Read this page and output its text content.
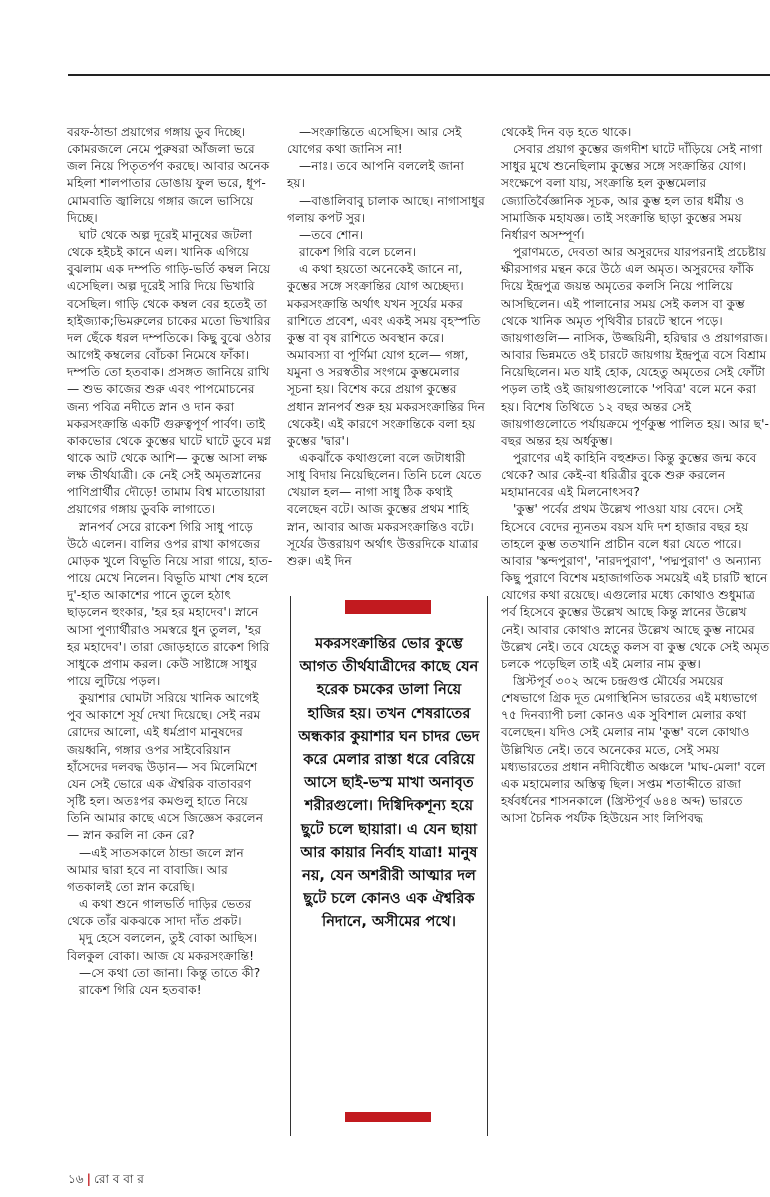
বরফ-ঠান্ডা প্রয়াগের গঙ্গায় ডুব দিচ্ছে। কোমরজলে নেমে পুরুষরা আঁজলা ভরে জল নিয়ে পিতৃতর্পণ করছে। আবার অনেক মহিলা শালপাতার ডোঙায় ফুল ভরে, ধূপ-মোমবাতি জ্বালিয়ে গঙ্গার জলে ভাসিয়ে দিচ্ছে।

ঘাট থেকে অল্প দূরেই মানুষের জটলা থেকে হইচই কানে এল। খানিক এগিয়ে বুঝলাম এক দম্পতি গাড়ি-ভর্তি কম্বল নিয়ে এসেছিল। অল্প দূরেই সারি দিয়ে ভিখারি বসেছিল। গাড়ি থেকে কম্বল বের হতেই তা হাইজ্যাক;ভিমরুলের চাকের মতো ভিখারির দল ছেঁকে ধরল দম্পতিকে। কিছু বুঝে ওঠার আগেই কম্বলের বোঁচকা নিমেষে ফাঁকা। দম্পতি তো হতবাক। প্রসঙ্গত জানিয়ে রাখি— শুভ কাজের শুরু এবং পাপমোচনের জন্য পবিত্র নদীতে স্নান ও দান করা মকরসংক্রান্তি একটি গুরুত্বপূর্ণ পার্বণ। তাই কাকভোর থেকে কুম্ভের ঘাটে ঘাটে ডুবে মগ্ন থাকে আট থেকে আশি— কুম্ভে আসা লক্ষ লক্ষ তীর্থযাত্রী। কে নেই সেই অমৃতস্নানের পাণিপ্রার্থীর দৌড়ে! তামাম বিশ্ব মাতোয়ারা প্রয়াগের গঙ্গায় ডুবকি লাগাতে।

স্নানপর্ব সেরে রাকেশ গিরি সাধু পাড়ে উঠে এলেন। বালির ওপর রাখা কাগজের মোড়ক খুলে বিভূতি নিয়ে সারা গায়ে, হাত-পায়ে মেখে নিলেন। বিভূতি মাখা শেষ হলে দু'-হাত আকাশের পানে তুলে হঠাৎ ছাড়লেন হুংকার, 'হর হর মহাদেব'। স্নানে আসা পুণ্যার্থীরাও সমস্বরে ধুন তুলল, 'হর হর মহাদেব'। তারা জোড়হাতে রাকেশ গিরি সাধুকে প্রণাম করল। কেউ সাষ্টাঙ্গে সাধুর পায়ে লুটিয়ে পড়ল।

কুয়াশার ঘোমটা সরিয়ে খানিক আগেই পুব আকাশে সূর্য দেখা দিয়েছে। সেই নরম রোদের আলো, এই ধর্মপ্রাণ মানুষদের জয়ধ্বনি, গঙ্গার ওপর সাইবেরিয়ান হাঁসেদের দলবদ্ধ উড়ান— সব মিলেমিশে যেন সেই ভোরে এক ঐশ্বরিক বাতাবরণ সৃষ্টি হল। অতঃপর কমণ্ডলু হাতে নিয়ে তিনি আমার কাছে এসে জিজ্ঞেস করলেন— স্নান করলি না কেন রে?

—এই সাতসকালে ঠান্ডা জলে স্নান আমার দ্বারা হবে না বাবাজি। আর গতকালই তো স্নান করেছি।

এ কথা শুনে গালভর্তি দাড়ির ভেতর থেকে তাঁর ঝকঝকে সাদা দাঁত প্রকট।

মৃদু হেসে বললেন, তুই বোকা আছিস। বিলকুল বোকা। আজ যে মকরসংক্রান্তি!

—সে কথা তো জানা। কিন্তু তাতে কী?

রাকেশ গিরি যেন হতবাক!

—সংক্রান্তিতে এসেছিস। আর সেই যোগের কথা জানিস না!

—নাঃ। তবে আপনি বললেই জানা হয়।

—বাঙালিবাবু চালাক আছে। নাগাসাধুর গলায় কপট সুর।

—তবে শোন।

রাকেশ গিরি বলে চলেন।

এ কথা হয়তো অনেকেই জানে না, কুম্ভের সঙ্গে সংক্রান্তির যোগ অচ্ছেদ্য। মকরসংক্রান্তি অর্থাৎ যখন সূর্যের মকর রাশিতে প্রবেশ, এবং একই সময় বৃহস্পতি কুম্ভ বা বৃষ রাশিতে অবস্থান করে। অমাবস্যা বা পূর্ণিমা যোগ হলে— গঙ্গা, যমুনা ও সরস্বতীর সংগমে কুম্ভমেলার সূচনা হয়। বিশেষ করে প্রয়াগ কুম্ভের প্রধান স্নানপর্ব শুরু হয় মকরসংক্রান্তির দিন থেকেই। এই কারণে সংক্রান্তিকে বলা হয় কুম্ভের 'দ্বার'।

একঝাঁকে কথাগুলো বলে জটাধারী সাধু বিদায় নিয়েছিলেন। তিনি চলে যেতে খেয়াল হল— নাগা সাধু ঠিক কথাই বলেছেন বটে। আজ কুম্ভের প্রথম শাহি স্নান, আবার আজ মকরসংক্রান্তিও বটে। সূর্যের উত্তরায়ণ অর্থাৎ উত্তরদিকে যাত্রার শুরু। এই দিন

মকরসংক্রান্তির ভোর কুম্ভে আগত তীর্থযাত্রীদের কাছে যেন হরেক চমকের ডালা নিয়ে হাজির হয়। তখন শেষরাতের অন্ধকার কুয়াশার ঘন চাদর ভেদ করে মেলার রাস্তা ধরে বেরিয়ে আসে ছাই-ভস্ম মাখা অনাবৃত শরীরগুলো। দিগ্বিদিকশূন্য হয়ে ছুটে চলে ছায়ারা। এ যেন ছায়া আর কায়ার নির্বাহ যাত্রা! মানুষ নয়, যেন অশরীরী আত্মার দল ছুটে চলে কোনও এক ঐশ্বরিক নিদানে, অসীমের পথে।

থেকেই দিন বড় হতে থাকে।

সেবার প্রয়াগ কুম্ভের জগদীশ ঘাটে দাঁড়িয়ে সেই নাগা সাধুর মুখে শুনেছিলাম কুম্ভের সঙ্গে সংক্রান্তির যোগ। সংক্ষেপে বলা যায়, সংক্রান্তি হল কুম্ভমেলার জ্যোতির্বৈজ্ঞানিক সূচক, আর কুম্ভ হল তার ধর্মীয় ও সামাজিক মহাযজ্ঞ। তাই সংক্রান্তি ছাড়া কুম্ভের সময় নির্ধারণ অসম্পূর্ণ।

পুরাণমতে, দেবতা আর অসুরদের যারপরনাই প্রচেষ্টায় ক্ষীরসাগর মন্থন করে উঠে এল অমৃত। অসুরদের ফাঁকি দিয়ে ইন্দ্রপুত্র জয়ন্ত অমৃতের কলসি নিয়ে পালিয়ে আসছিলেন। এই পালানোর সময় সেই কলস বা কুম্ভ থেকে খানিক অমৃত পৃথিবীর চারটে স্থানে পড়ে। জায়গাগুলি— নাসিক, উজ্জয়িনী, হরিদ্বার ও প্রয়াগরাজ। আবার ভিন্নমতে ওই চারটে জায়গায় ইন্দ্রপুত্র বসে বিশ্রাম নিয়েছিলেন। মত যাই হোক, যেহেতু অমৃতের সেই ফোঁটা পড়ল তাই ওই জায়গাগুলোকে 'পবিত্র' বলে মনে করা হয়। বিশেষ তিথিতে ১২ বছর অন্তর সেই জায়গাগুলোতে পর্যায়ক্রমে পূর্ণকুম্ভ পালিত হয়। আর ছ'-বছর অন্তর হয় অর্ধকুম্ভ।

পুরাণের এই কাহিনি বহুশ্রুত। কিন্তু কুম্ভের জন্ম কবে থেকে? আর কেই-বা ধরিত্রীর বুকে শুরু করলেন মহামানবের এই মিলনোৎসব?

'কুম্ভ' পর্বের প্রথম উল্লেখ পাওয়া যায় বেদে। সেই হিসেবে বেদের ন্যূনতম বয়স যদি দশ হাজার বছর হয় তাহলে কুম্ভ ততখানি প্রাচীন বলে ধরা যেতে পারে। আবার 'স্কন্দপুরাণ', 'নারদপুরাণ', 'পদ্মপুরাণ' ও অন্যান্য কিছু পুরাণে বিশেষ মহাজাগতিক সময়েই এই চারটি স্থানে যোগের কথা রয়েছে। এগুলোর মধ্যে কোথাও শুধুমাত্র পর্ব হিসেবে কুম্ভের উল্লেখ আছে কিন্তু স্নানের উল্লেখ নেই। আবার কোথাও স্নানের উল্লেখ আছে কুম্ভ নামের উল্লেখ নেই। তবে যেহেতু কলস বা কুম্ভ থেকে সেই অমৃত চলকে পড়েছিল তাই এই মেলার নাম কুম্ভ।

খ্রিস্টপূর্ব ৩০২ অব্দে চন্দ্রগুপ্ত মৌর্যের সময়ের শেষভাগে গ্রিক দূত মেগাস্থিনিস ভারতের এই মধ্যভাগে ৭৫ দিনব্যাপী চলা কোনও এক সুবিশাল মেলার কথা বলেছেন। যদিও সেই মেলার নাম 'কুম্ভ' বলে কোথাও উল্লিখিত নেই। তবে অনেকের মতে, সেই সময় মধ্যভারতের প্রধান নদীবিধৌত অঞ্চলে 'মাঘ-মেলা' বলে এক মহামেলার অস্তিত্ব ছিল। সপ্তম শতাব্দীতে রাজা হর্ষবর্ধনের শাসনকালে (খ্রিস্টপূর্ব ৬৪৪ অব্দ) ভারতে আসা চৈনিক পর্যটক হিউয়েন সাং লিপিবদ্ধ

১৬ | রো ব বা র
